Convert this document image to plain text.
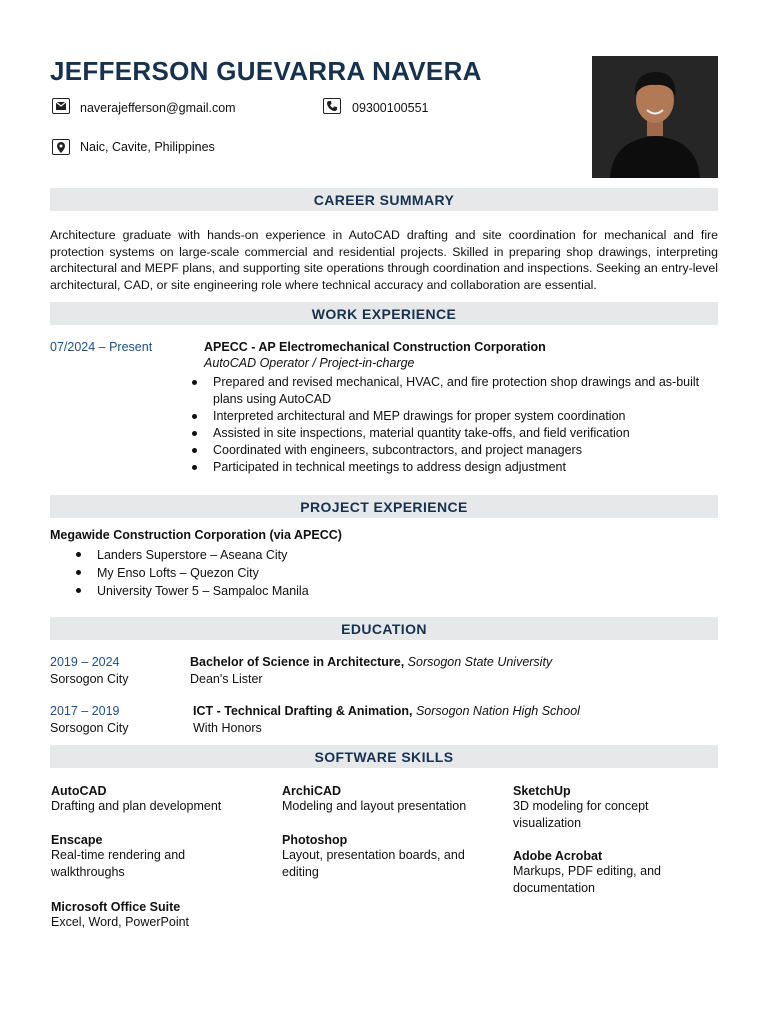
JEFFERSON GUEVARRA NAVERA
naverajefferson@gmail.com	09300100551
Naic, Cavite, Philippines
CAREER SUMMARY
Architecture graduate with hands-on experience in AutoCAD drafting and site coordination for mechanical and fire protection systems on large-scale commercial and residential projects. Skilled in preparing shop drawings, interpreting architectural and MEPF plans, and supporting site operations through coordination and inspections. Seeking an entry-level architectural, CAD, or site engineering role where technical accuracy and collaboration are essential.
WORK EXPERIENCE
07/2024 – Present	APECC - AP Electromechanical Construction Corporation
AutoCAD Operator / Project-in-charge
Prepared and revised mechanical, HVAC, and fire protection shop drawings and as-built plans using AutoCAD
Interpreted architectural and MEP drawings for proper system coordination
Assisted in site inspections, material quantity take-offs, and field verification
Coordinated with engineers, subcontractors, and project managers
Participated in technical meetings to address design adjustment
PROJECT EXPERIENCE
Megawide Construction Corporation (via APECC)
Landers Superstore – Aseana City
My Enso Lofts – Quezon City
University Tower 5 – Sampaloc Manila
EDUCATION
2019 – 2024
Sorsogon City
Bachelor of Science in Architecture, Sorsogon State University
Dean's Lister
2017 – 2019
Sorsogon City
ICT - Technical Drafting & Animation, Sorsogon Nation High School
With Honors
SOFTWARE SKILLS
AutoCAD
Drafting and plan development
ArchiCAD
Modeling and layout presentation
SketchUp
3D modeling for concept visualization
Enscape
Real-time rendering and walkthroughs
Photoshop
Layout, presentation boards, and editing
Adobe Acrobat
Markups, PDF editing, and documentation
Microsoft Office Suite
Excel, Word, PowerPoint
